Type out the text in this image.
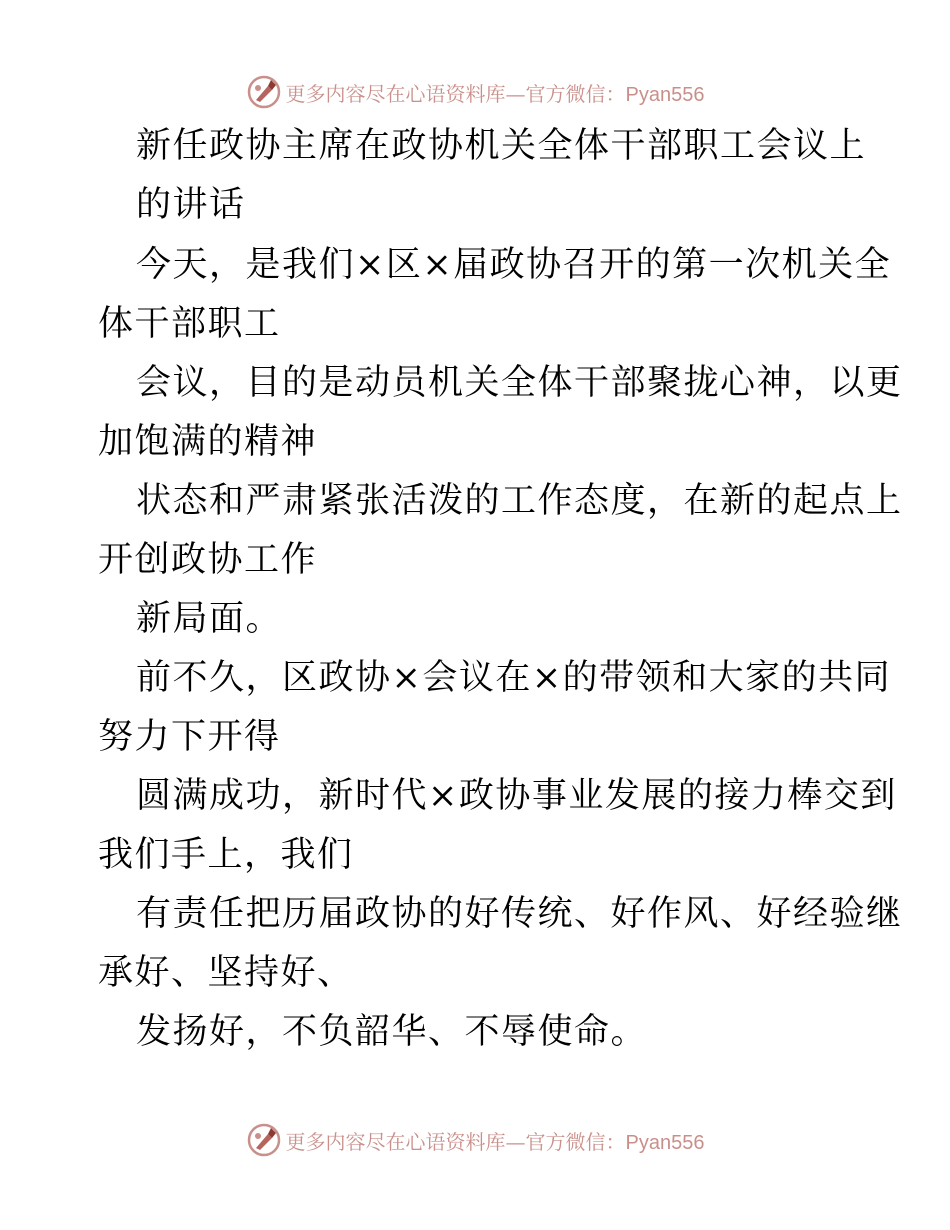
更多内容尽在心语资料库—官方微信：Pyan556
新任政协主席在政协机关全体干部职工会议上
的讲话
今天，是我们×区×届政协召开的第一次机关全
体干部职工
会议，目的是动员机关全体干部聚拢心神，以更
加饱满的精神
状态和严肃紧张活泼的工作态度，在新的起点上
开创政协工作
新局面。
前不久，区政协×会议在×的带领和大家的共同
努力下开得
圆满成功，新时代×政协事业发展的接力棒交到
我们手上，我们
有责任把历届政协的好传统、好作风、好经验继
承好、坚持好、
发扬好，不负韶华、不辱使命。
更多内容尽在心语资料库—官方微信：Pyan556
